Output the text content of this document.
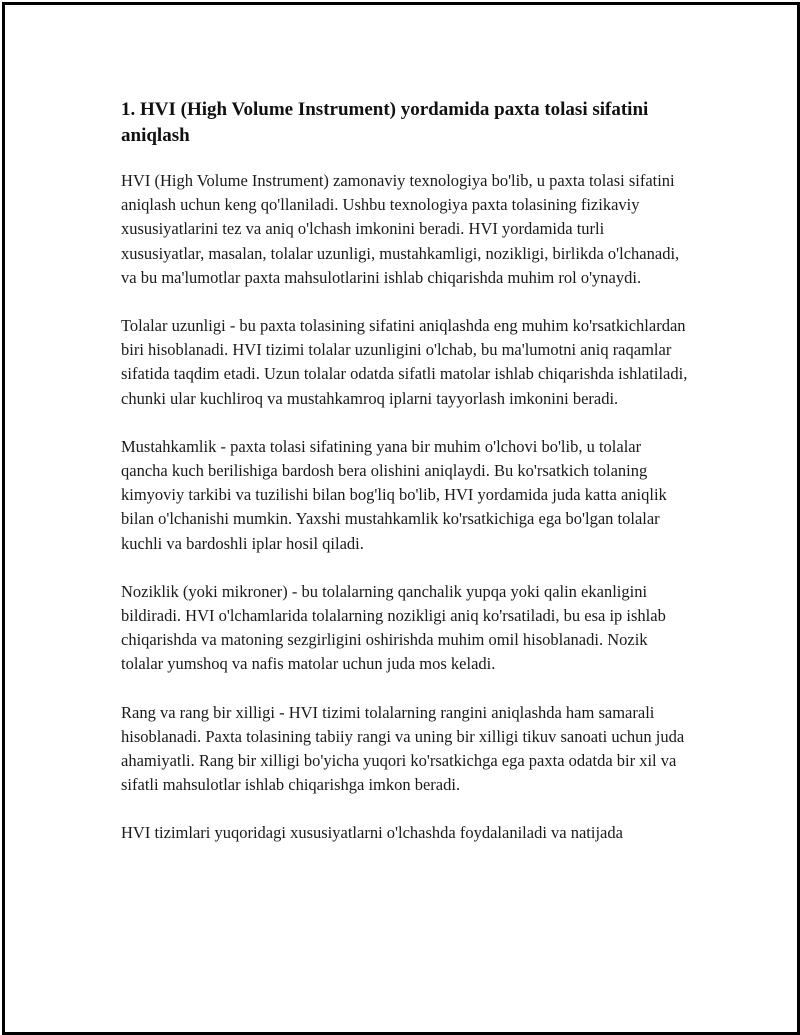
1. HVI (High Volume Instrument) yordamida paxta tolasi sifatini aniqlash

HVI (High Volume Instrument) zamonaviy texnologiya bo'lib, u paxta tolasi sifatini aniqlash uchun keng qo'llaniladi. Ushbu texnologiya paxta tolasining fizikaviy xususiyatlarini tez va aniq o'lchash imkonini beradi. HVI yordamida turli xususiyatlar, masalan, tolalar uzunligi, mustahkamligi, nozikligi, birlikda o'lchanadi, va bu ma'lumotlar paxta mahsulotlarini ishlab chiqarishda muhim rol o'ynaydi.

Tolalar uzunligi - bu paxta tolasining sifatini aniqlashda eng muhim ko'rsatkichlardan biri hisoblanadi. HVI tizimi tolalar uzunligini o'lchab, bu ma'lumotni aniq raqamlar sifatida taqdim etadi. Uzun tolalar odatda sifatli matolar ishlab chiqarishda ishlatiladi, chunki ular kuchliroq va mustahkamroq iplarni tayyorlash imkonini beradi.

Mustahkamlik - paxta tolasi sifatining yana bir muhim o'lchovi bo'lib, u tolalar qancha kuch berilishiga bardosh bera olishini aniqlaydi. Bu ko'rsatkich tolaning kimyoviy tarkibi va tuzilishi bilan bog'liq bo'lib, HVI yordamida juda katta aniqlik bilan o'lchanishi mumkin. Yaxshi mustahkamlik ko'rsatkichiga ega bo'lgan tolalar kuchli va bardoshli iplar hosil qiladi.

Noziklik (yoki mikroner) - bu tolalarning qanchalik yupqa yoki qalin ekanligini bildiradi. HVI o'lchamlarida tolalarning nozikligi aniq ko'rsatiladi, bu esa ip ishlab chiqarishda va matoning sezgirligini oshirishda muhim omil hisoblanadi. Nozik tolalar yumshoq va nafis matolar uchun juda mos keladi.

Rang va rang bir xilligi - HVI tizimi tolalarning rangini aniqlashda ham samarali hisoblanadi. Paxta tolasining tabiiy rangi va uning bir xilligi tikuv sanoati uchun juda ahamiyatli. Rang bir xilligi bo'yicha yuqori ko'rsatkichga ega paxta odatda bir xil va sifatli mahsulotlar ishlab chiqarishga imkon beradi.

HVI tizimlari yuqoridagi xususiyatlarni o'lchashda foydalaniladi va natijada
